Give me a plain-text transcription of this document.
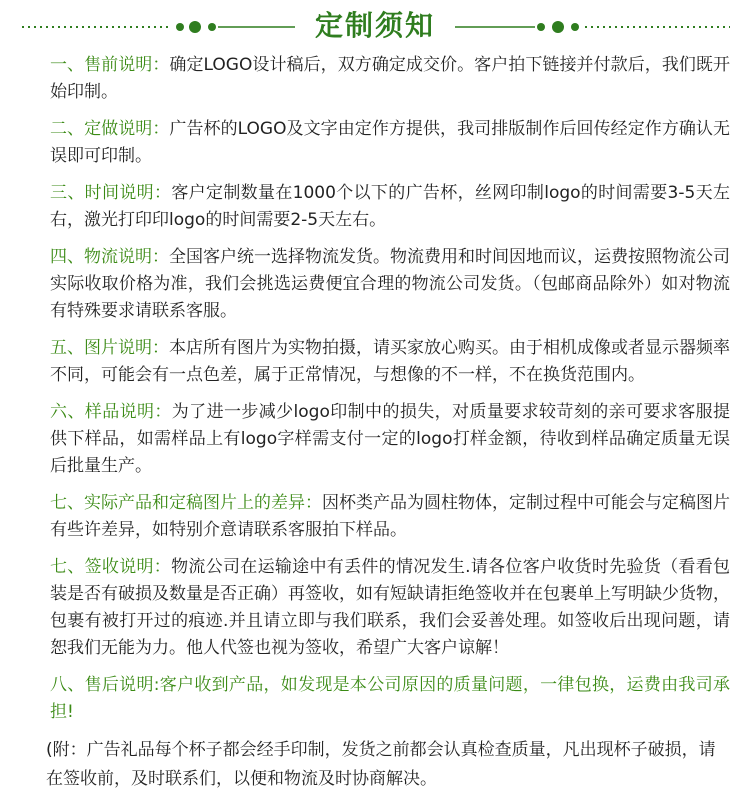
定制须知
一、售前说明：确定LOGO设计稿后，双方确定成交价。客户拍下链接并付款后，我们既开始印制。
二、定做说明：广告杯的LOGO及文字由定作方提供，我司排版制作后回传经定作方确认无误即可印制。
三、时间说明：客户定制数量在1000个以下的广告杯，丝网印制logo的时间需要3-5天左右，激光打印印logo的时间需要2-5天左右。
四、物流说明：全国客户统一选择物流发货。物流费用和时间因地而议，运费按照物流公司实际收取价格为准，我们会挑选运费便宜合理的物流公司发货。（包邮商品除外）如对物流有特殊要求请联系客服。
五、图片说明：本店所有图片为实物拍摄，请买家放心购买。由于相机成像或者显示器频率不同，可能会有一点色差，属于正常情况，与想像的不一样，不在换货范围内。
六、样品说明：为了进一步减少logo印制中的损失，对质量要求较苛刻的亲可要求客服提供下样品，如需样品上有logo字样需支付一定的logo打样金额，待收到样品确定质量无误后批量生产。
七、实际产品和定稿图片上的差异：因杯类产品为圆柱物体，定制过程中可能会与定稿图片有些许差异，如特别介意请联系客服拍下样品。
七、签收说明：物流公司在运输途中有丢件的情况发生.请各位客户收货时先验货（看看包装是否有破损及数量是否正确）再签收，如有短缺请拒绝签收并在包裹单上写明缺少货物，包裹有被打开过的痕迹.并且请立即与我们联系，我们会妥善处理。如签收后出现问题，请恕我们无能为力。他人代签也视为签收，希望广大客户谅解！
八、售后说明:客户收到产品，如发现是本公司原因的质量问题，一律包换，运费由我司承担!
(附：广告礼品每个杯子都会经手印制，发货之前都会认真检查质量，凡出现杯子破损，请在签收前，及时联系们，以便和物流及时协商解决。
